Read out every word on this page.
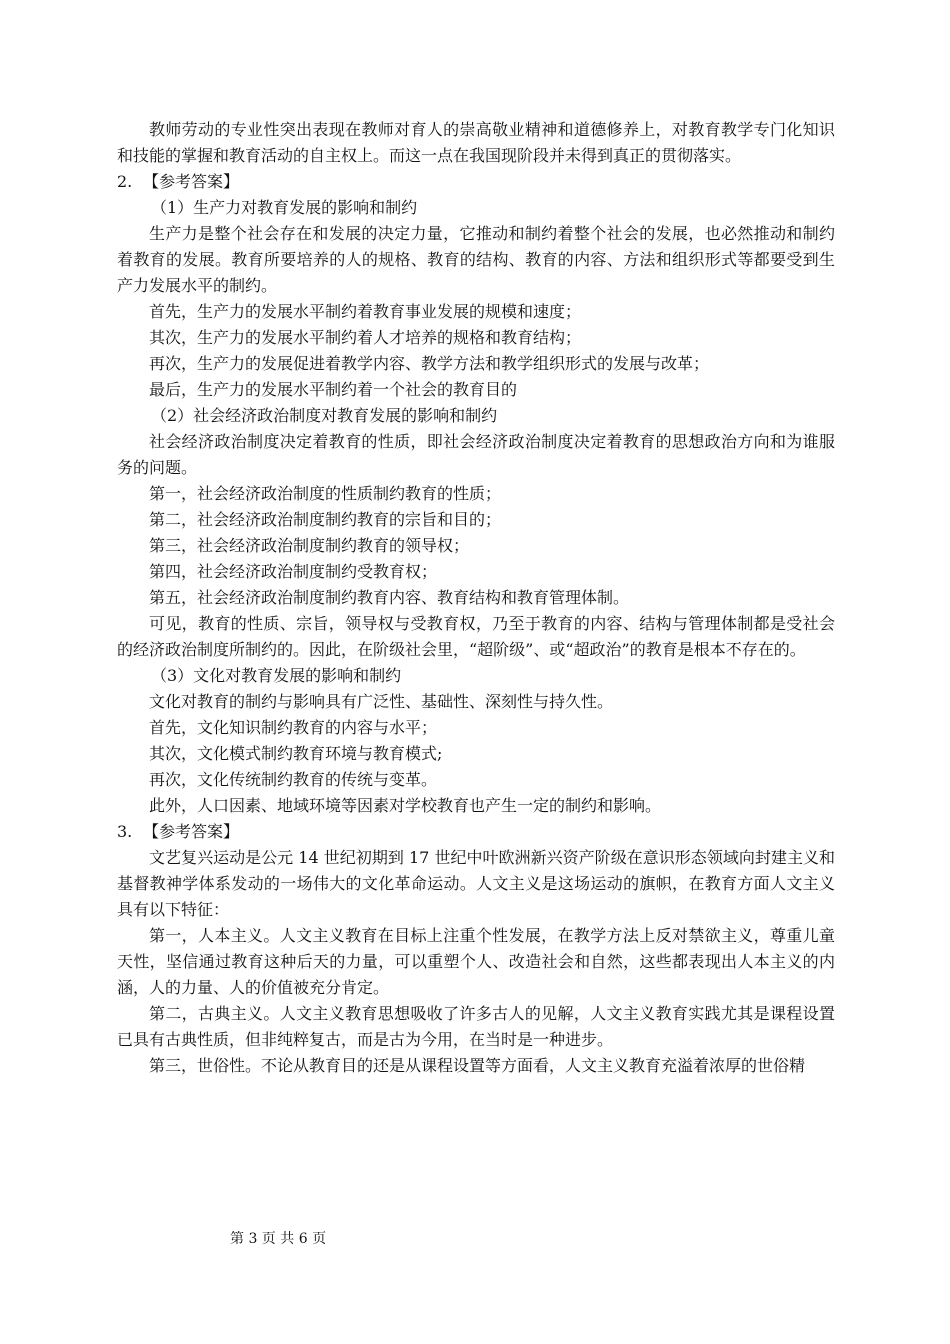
教师劳动的专业性突出表现在教师对育人的崇高敬业精神和道德修养上，对教育教学专门化知识和技能的掌握和教育活动的自主权上。而这一点在我国现阶段并未得到真正的贯彻落实。

2. 【参考答案】

（1）生产力对教育发展的影响和制约

生产力是整个社会存在和发展的决定力量，它推动和制约着整个社会的发展，也必然推动和制约着教育的发展。教育所要培养的人的规格、教育的结构、教育的内容、方法和组织形式等都要受到生产力发展水平的制约。

首先，生产力的发展水平制约着教育事业发展的规模和速度；

其次，生产力的发展水平制约着人才培养的规格和教育结构；

再次，生产力的发展促进着教学内容、教学方法和教学组织形式的发展与改革；

最后，生产力的发展水平制约着一个社会的教育目的

（2）社会经济政治制度对教育发展的影响和制约

社会经济政治制度决定着教育的性质，即社会经济政治制度决定着教育的思想政治方向和为谁服务的问题。

第一，社会经济政治制度的性质制约教育的性质；

第二，社会经济政治制度制约教育的宗旨和目的；

第三，社会经济政治制度制约教育的领导权；

第四，社会经济政治制度制约受教育权；

第五，社会经济政治制度制约教育内容、教育结构和教育管理体制。

可见，教育的性质、宗旨，领导权与受教育权，乃至于教育的内容、结构与管理体制都是受社会的经济政治制度所制约的。因此，在阶级社会里，“超阶级”、或“超政治”的教育是根本不存在的。

（3）文化对教育发展的影响和制约

文化对教育的制约与影响具有广泛性、基础性、深刻性与持久性。

首先，文化知识制约教育的内容与水平；

其次，文化模式制约教育环境与教育模式;

再次，文化传统制约教育的传统与变革。

此外，人口因素、地域环境等因素对学校教育也产生一定的制约和影响。

3. 【参考答案】

文艺复兴运动是公元 14 世纪初期到 17 世纪中叶欧洲新兴资产阶级在意识形态领域向封建主义和基督教神学体系发动的一场伟大的文化革命运动。人文主义是这场运动的旗帜，在教育方面人文主义具有以下特征：

第一，人本主义。人文主义教育在目标上注重个性发展，在教学方法上反对禁欲主义，尊重儿童天性，坚信通过教育这种后天的力量，可以重塑个人、改造社会和自然，这些都表现出人本主义的内涵，人的力量、人的价值被充分肯定。

第二，古典主义。人文主义教育思想吸收了许多古人的见解，人文主义教育实践尤其是课程设置已具有古典性质，但非纯粹复古，而是古为今用，在当时是一种进步。

第三，世俗性。不论从教育目的还是从课程设置等方面看，人文主义教育充溢着浓厚的世俗精

第 3 页 共 6 页
